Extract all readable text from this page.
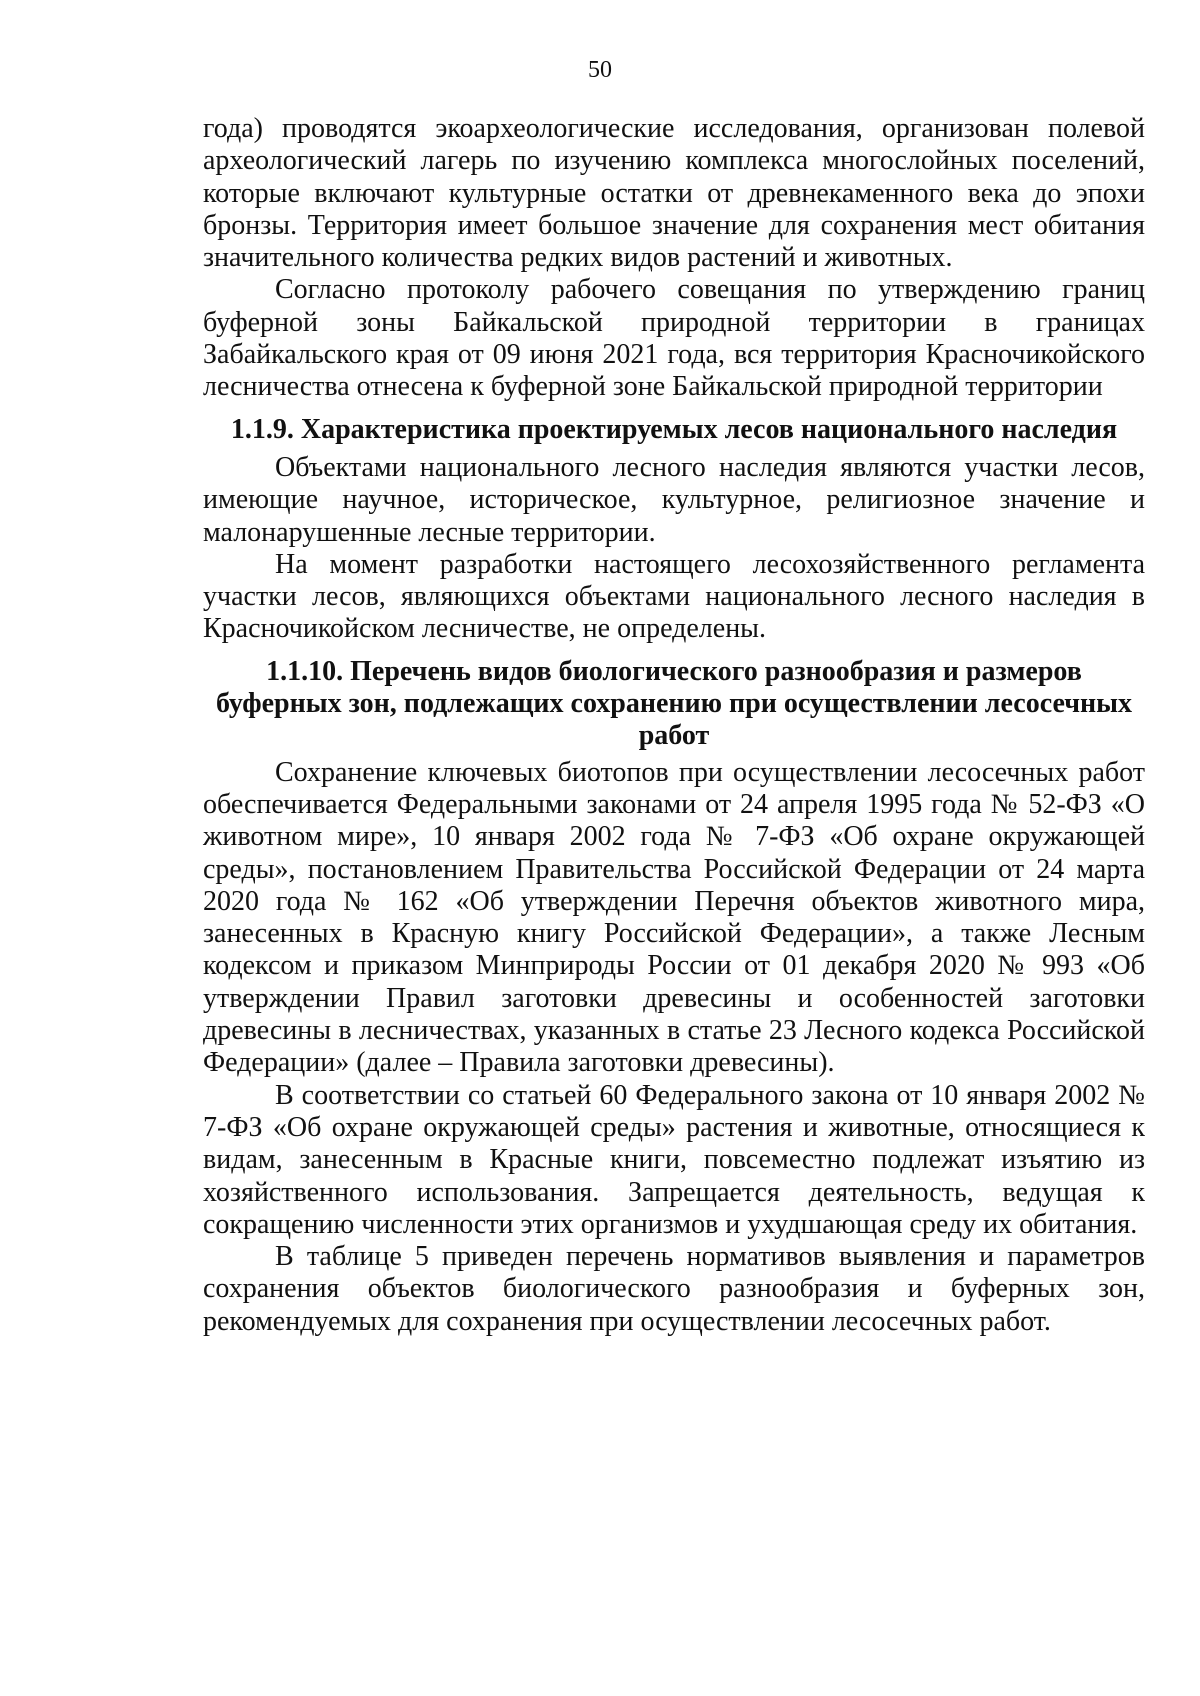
50

года) проводятся экоархеологические исследования, организован полевой археологический лагерь по изучению комплекса многослойных поселений, которые включают культурные остатки от древнекаменного века до эпохи бронзы. Территория имеет большое значение для сохранения мест обитания значительного количества редких видов растений и животных.

Согласно протоколу рабочего совещания по утверждению границ буферной зоны Байкальской природной территории в границах Забайкальского края от 09 июня 2021 года, вся территория Красночикойского лесничества отнесена к буферной зоне Байкальской природной территории

1.1.9. Характеристика проектируемых лесов национального наследия

Объектами национального лесного наследия являются участки лесов, имеющие научное, историческое, культурное, религиозное значение и малонарушенные лесные территории.

На момент разработки настоящего лесохозяйственного регламента участки лесов, являющихся объектами национального лесного наследия в Красночикойском лесничестве, не определены.

1.1.10. Перечень видов биологического разнообразия и размеров буферных зон, подлежащих сохранению при осуществлении лесосечных работ

Сохранение ключевых биотопов при осуществлении лесосечных работ обеспечивается Федеральными законами от 24 апреля 1995 года № 52-ФЗ «О животном мире», 10 января 2002 года № 7-ФЗ «Об охране окружающей среды», постановлением Правительства Российской Федерации от 24 марта 2020 года № 162 «Об утверждении Перечня объектов животного мира, занесенных в Красную книгу Российской Федерации», а также Лесным кодексом и приказом Минприроды России от 01 декабря 2020 № 993 «Об утверждении Правил заготовки древесины и особенностей заготовки древесины в лесничествах, указанных в статье 23 Лесного кодекса Российской Федерации» (далее – Правила заготовки древесины).

В соответствии со статьей 60 Федерального закона от 10 января 2002 № 7-ФЗ «Об охране окружающей среды» растения и животные, относящиеся к видам, занесенным в Красные книги, повсеместно подлежат изъятию из хозяйственного использования. Запрещается деятельность, ведущая к сокращению численности этих организмов и ухудшающая среду их обитания.

В таблице 5 приведен перечень нормативов выявления и параметров сохранения объектов биологического разнообразия и буферных зон, рекомендуемых для сохранения при осуществлении лесосечных работ.
